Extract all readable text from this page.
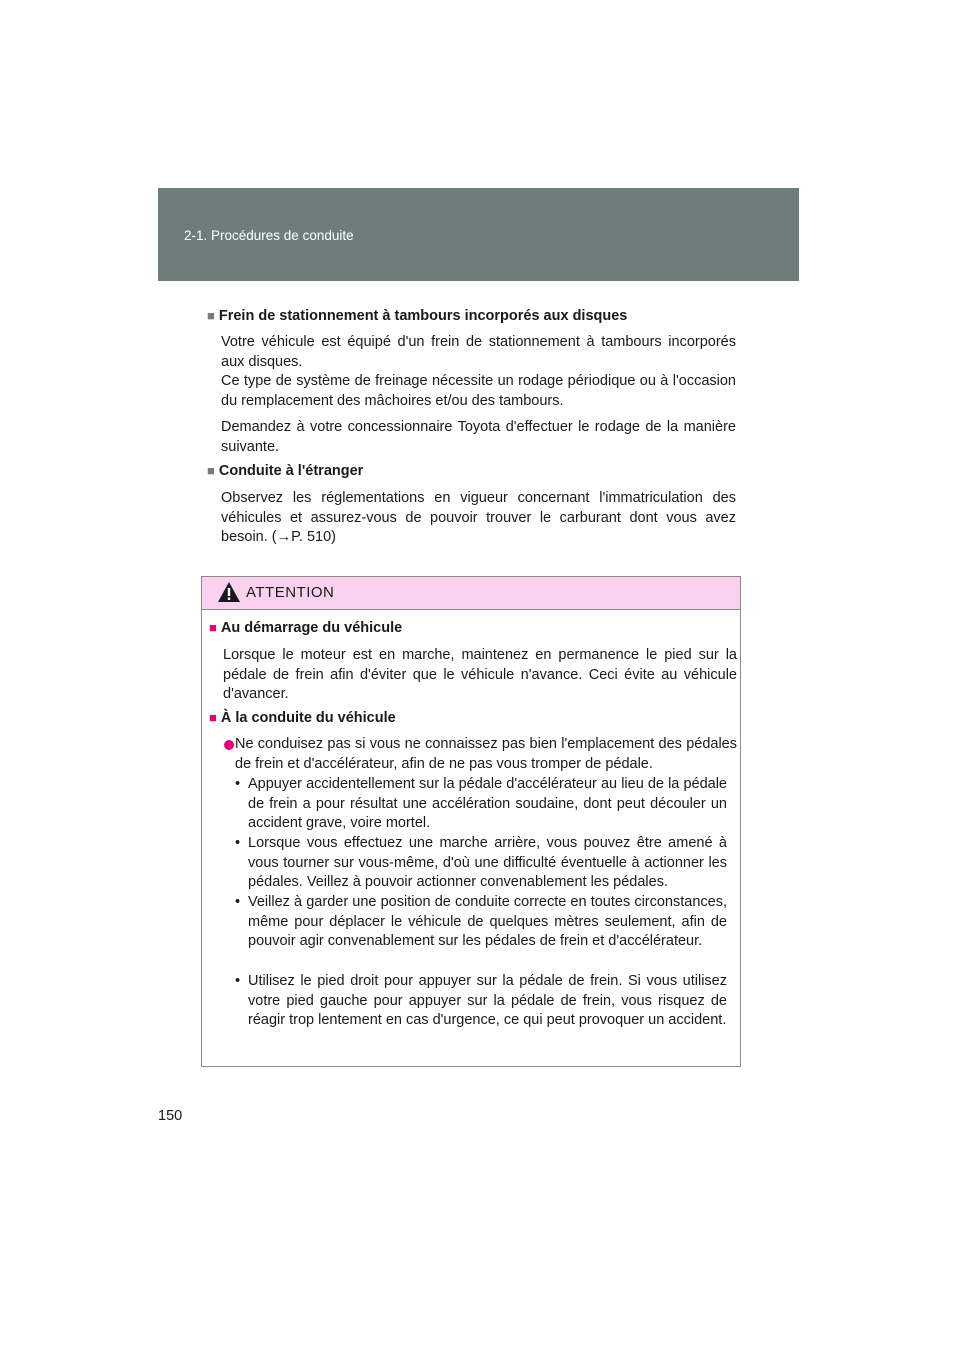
2-1. Procédures de conduite
■ Frein de stationnement à tambours incorporés aux disques
Votre véhicule est équipé d'un frein de stationnement à tambours incorporés aux disques.
Ce type de système de freinage nécessite un rodage périodique ou à l'occasion du remplacement des mâchoires et/ou des tambours.
Demandez à votre concessionnaire Toyota d'effectuer le rodage de la manière suivante.
■ Conduite à l'étranger
Observez les réglementations en vigueur concernant l'immatriculation des véhicules et assurez-vous de pouvoir trouver le carburant dont vous avez besoin. (→P. 510)
ATTENTION
■ Au démarrage du véhicule
Lorsque le moteur est en marche, maintenez en permanence le pied sur la pédale de frein afin d'éviter que le véhicule n'avance. Ceci évite au véhicule d'avancer.
■ À la conduite du véhicule
Ne conduisez pas si vous ne connaissez pas bien l'emplacement des pédales de frein et d'accélérateur, afin de ne pas vous tromper de pédale.
• Appuyer accidentellement sur la pédale d'accélérateur au lieu de la pédale de frein a pour résultat une accélération soudaine, dont peut découler un accident grave, voire mortel.
• Lorsque vous effectuez une marche arrière, vous pouvez être amené à vous tourner sur vous-même, d'où une difficulté éventuelle à actionner les pédales. Veillez à pouvoir actionner convenablement les pédales.
• Veillez à garder une position de conduite correcte en toutes circonstances, même pour déplacer le véhicule de quelques mètres seulement, afin de pouvoir agir convenablement sur les pédales de frein et d'accélérateur.
• Utilisez le pied droit pour appuyer sur la pédale de frein. Si vous utilisez votre pied gauche pour appuyer sur la pédale de frein, vous risquez de réagir trop lentement en cas d'urgence, ce qui peut provoquer un accident.
150
